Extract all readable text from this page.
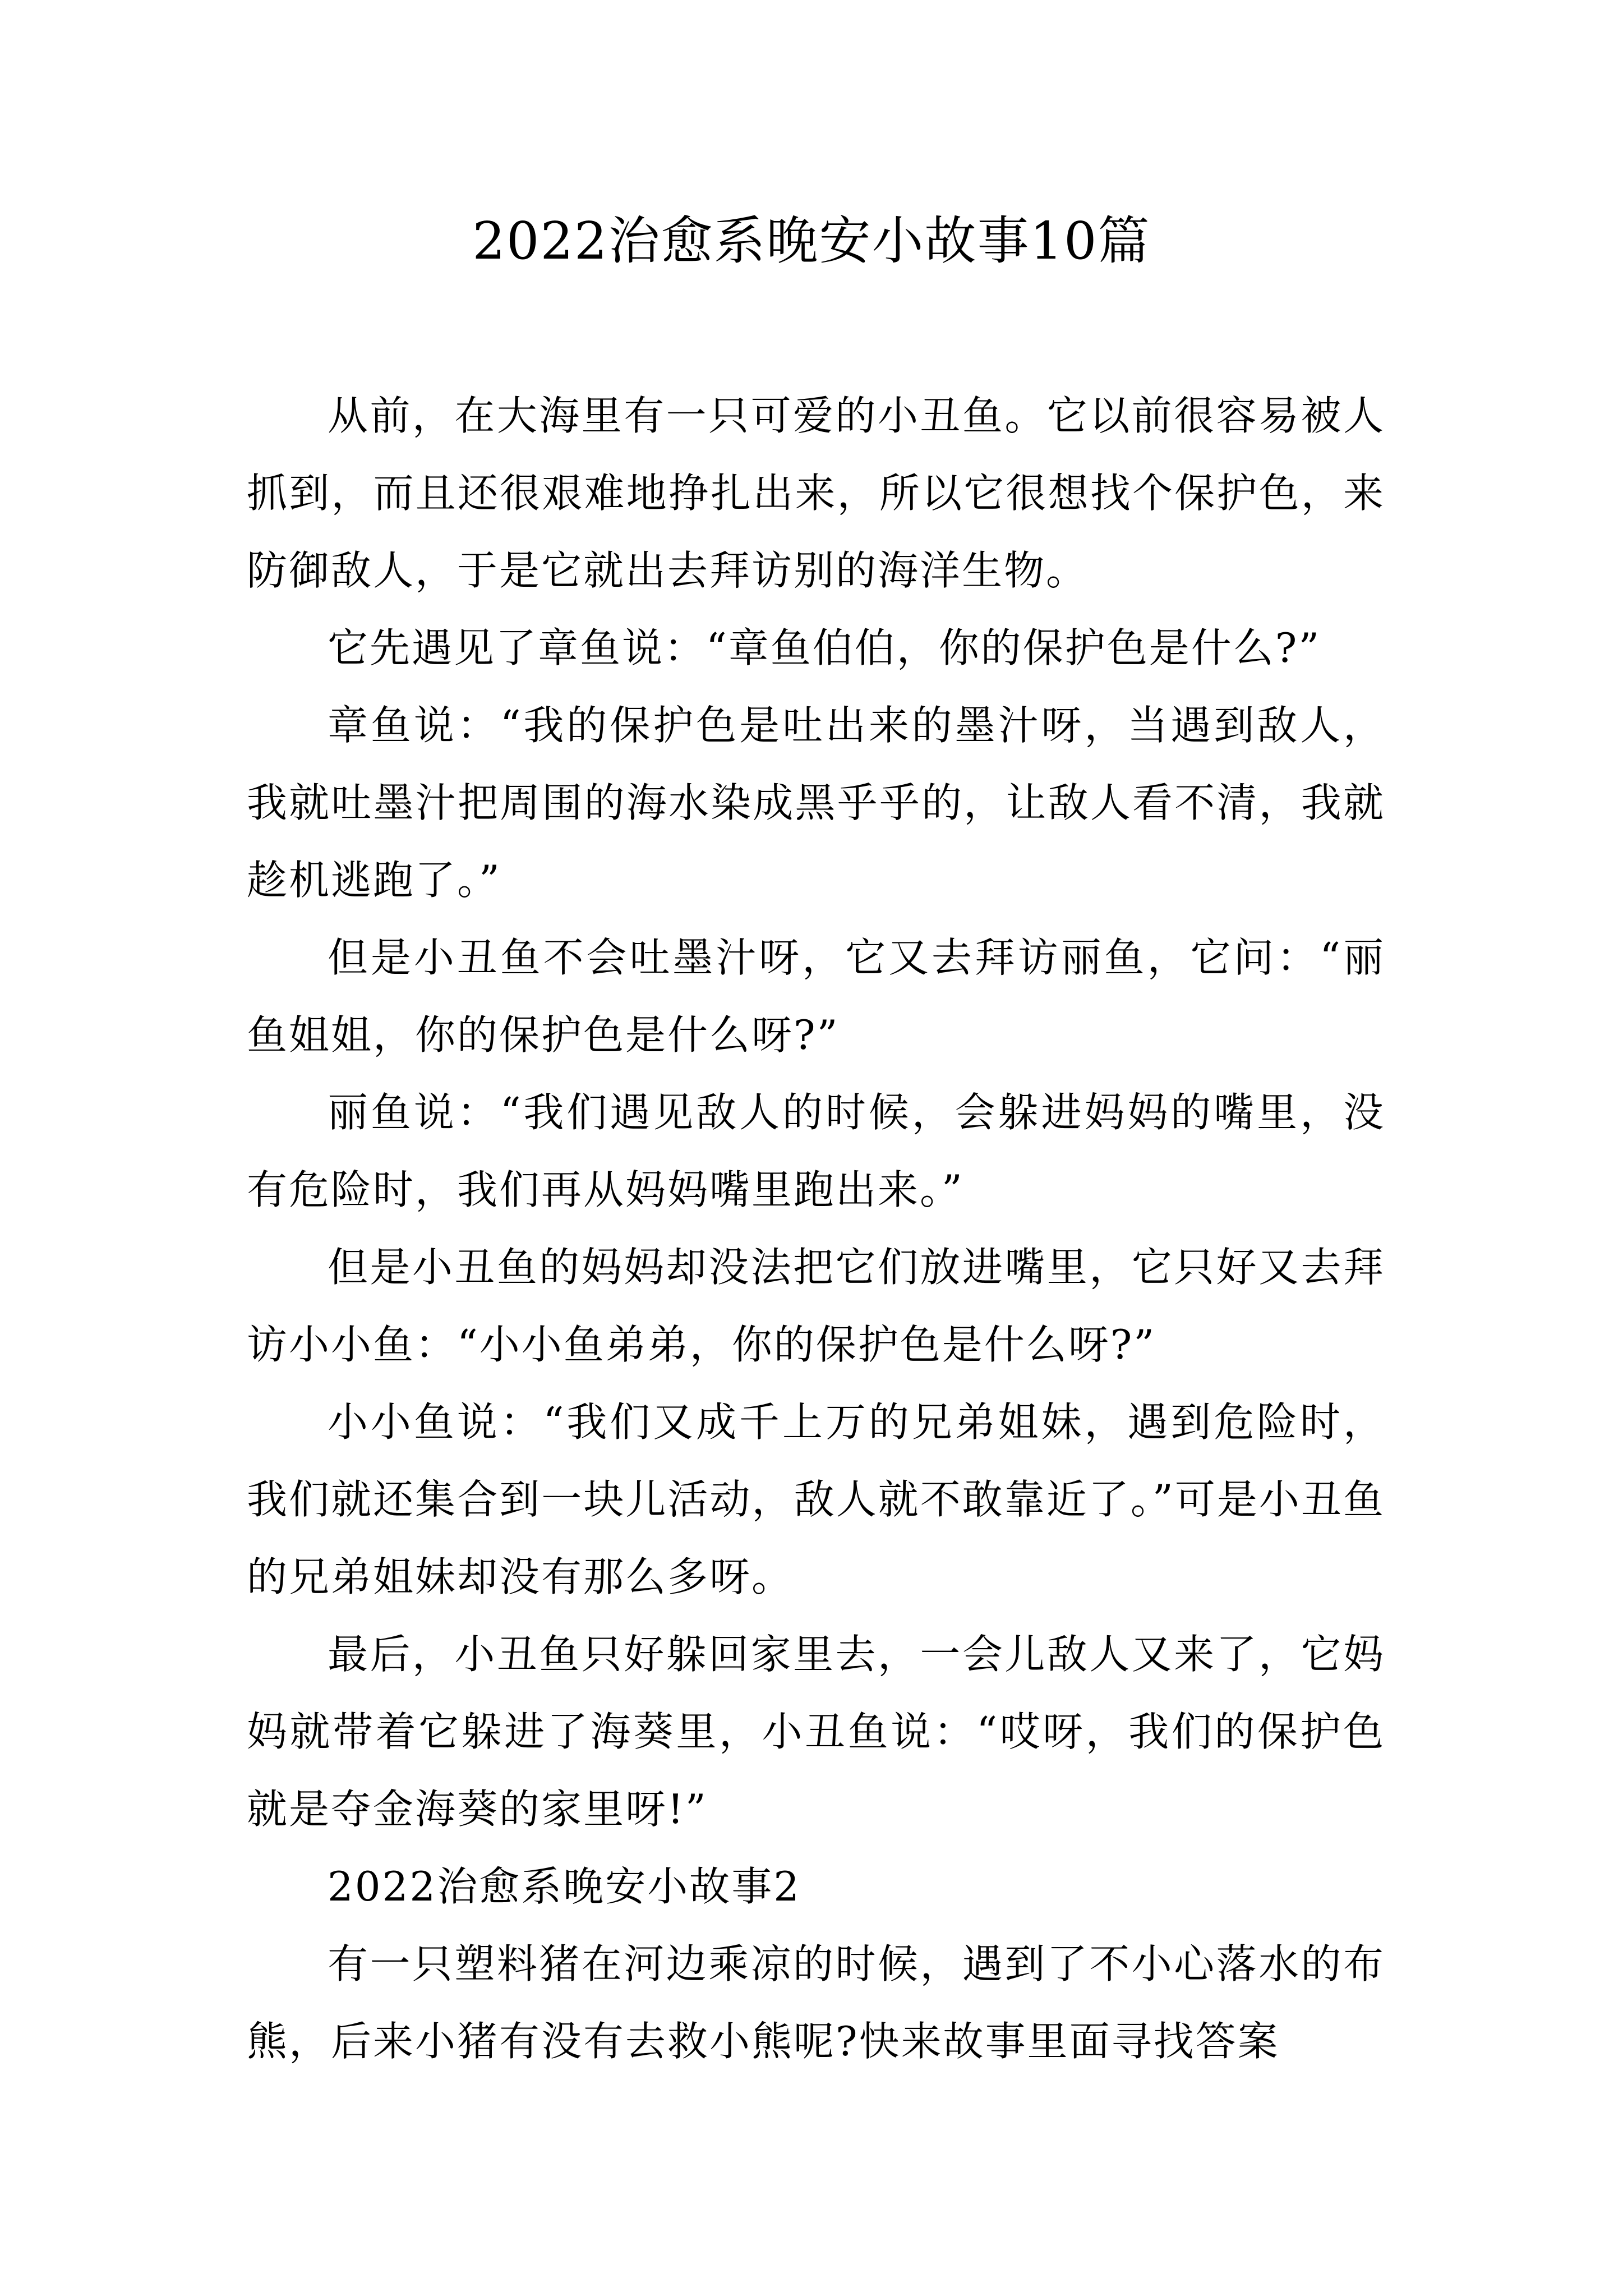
2022治愈系晚安小故事10篇

从前，在大海里有一只可爱的小丑鱼。它以前很容易被人抓到，而且还很艰难地挣扎出来，所以它很想找个保护色，来防御敌人，于是它就出去拜访别的海洋生物。

它先遇见了章鱼说：“章鱼伯伯，你的保护色是什么?”

章鱼说：“我的保护色是吐出来的墨汁呀，当遇到敌人，我就吐墨汁把周围的海水染成黑乎乎的，让敌人看不清，我就趁机逃跑了。”

但是小丑鱼不会吐墨汁呀，它又去拜访丽鱼，它问：“丽鱼姐姐，你的保护色是什么呀?”

丽鱼说：“我们遇见敌人的时候，会躲进妈妈的嘴里，没有危险时，我们再从妈妈嘴里跑出来。”

但是小丑鱼的妈妈却没法把它们放进嘴里，它只好又去拜访小小鱼：“小小鱼弟弟，你的保护色是什么呀?”

小小鱼说：“我们又成千上万的兄弟姐妹，遇到危险时，我们就还集合到一块儿活动，敌人就不敢靠近了。”可是小丑鱼的兄弟姐妹却没有那么多呀。

最后，小丑鱼只好躲回家里去，一会儿敌人又来了，它妈妈就带着它躲进了海葵里，小丑鱼说：“哎呀，我们的保护色就是夺金海葵的家里呀!”

2022治愈系晚安小故事2

有一只塑料猪在河边乘凉的时候，遇到了不小心落水的布熊，后来小猪有没有去救小熊呢?快来故事里面寻找答案
